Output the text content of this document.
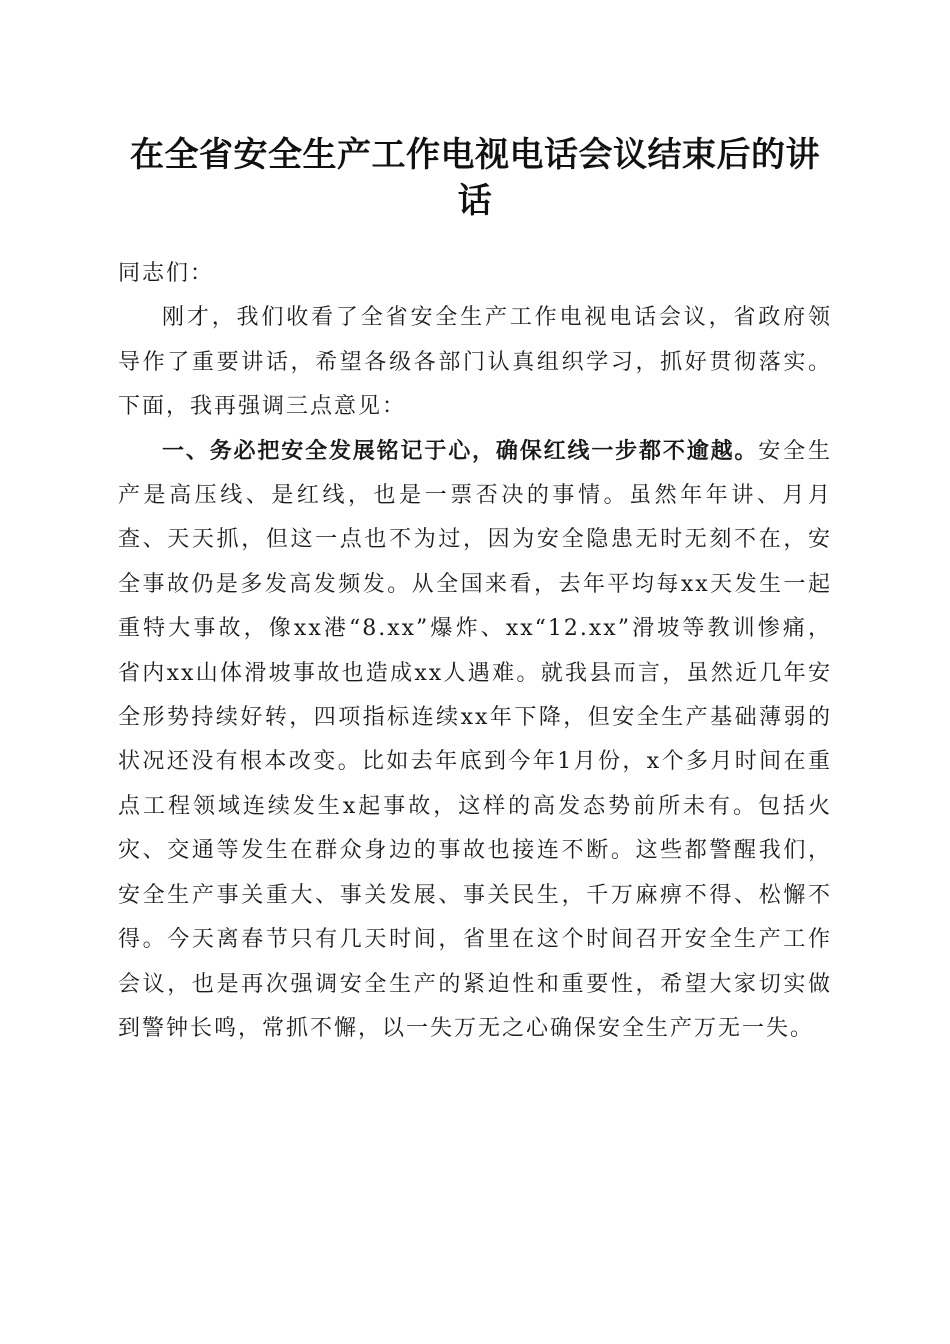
在全省安全生产工作电视电话会议结束后的讲话

同志们：

刚才，我们收看了全省安全生产工作电视电话会议，省政府领导作了重要讲话，希望各级各部门认真组织学习，抓好贯彻落实。下面，我再强调三点意见：

一、务必把安全发展铭记于心，确保红线一步都不逾越。安全生产是高压线、是红线，也是一票否决的事情。虽然年年讲、月月查、天天抓，但这一点也不为过，因为安全隐患无时无刻不在，安全事故仍是多发高发频发。从全国来看，去年平均每xx天发生一起重特大事故，像xx港“8.xx”爆炸、xx“12.xx”滑坡等教训惨痛，省内xx山体滑坡事故也造成xx人遇难。就我县而言，虽然近几年安全形势持续好转，四项指标连续xx年下降，但安全生产基础薄弱的状况还没有根本改变。比如去年底到今年1月份，x个多月时间在重点工程领域连续发生x起事故，这样的高发态势前所未有。包括火灾、交通等发生在群众身边的事故也接连不断。这些都警醒我们，安全生产事关重大、事关发展、事关民生，千万麻痹不得、松懈不得。今天离春节只有几天时间，省里在这个时间召开安全生产工作会议，也是再次强调安全生产的紧迫性和重要性，希望大家切实做到警钟长鸣，常抓不懈，以一失万无之心确保安全生产万无一失。
